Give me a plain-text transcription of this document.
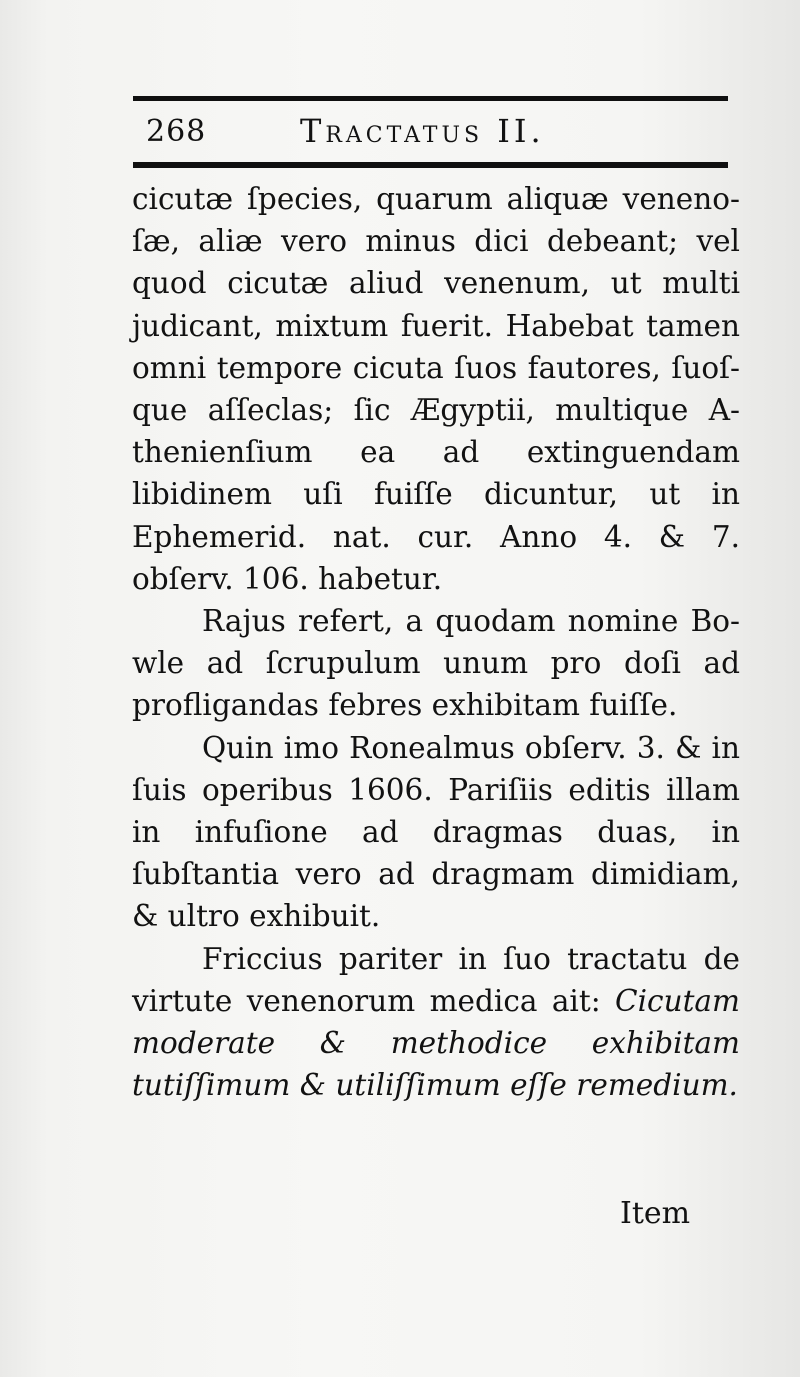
268	Tractatus II.

cicutæ ſpecies, quarum aliquæ venenoſæ, aliæ vero minus dici debeant; vel quod cicutæ aliud venenum, ut multi judicant, mixtum fuerit. Habebat tamen omni tempore cicuta ſuos fautores, ſuoſque aſſeclas; ſic Ægyptii, multique Athenienſium ea ad extinguendam libidinem uſi fuiſſe dicuntur, ut in Ephemerid. nat. cur. Anno 4. & 7. obſerv. 106. habetur.

Rajus refert, a quodam nomine Bowle ad ſcrupulum unum pro doſi ad profligandas febres exhibitam fuiſſe.

Quin imo Ronealmus obſerv. 3. & in ſuis operibus 1606. Pariſiis editis illam in infuſione ad dragmas duas, in ſubſtantia vero ad dragmam dimidiam, & ultro exhibuit.

Friccius pariter in ſuo tractatu de virtute venenorum medica ait: Cicutam moderate & methodice exhibitam tutiſſimum & utiliſſimum eſſe remedium.

Item
